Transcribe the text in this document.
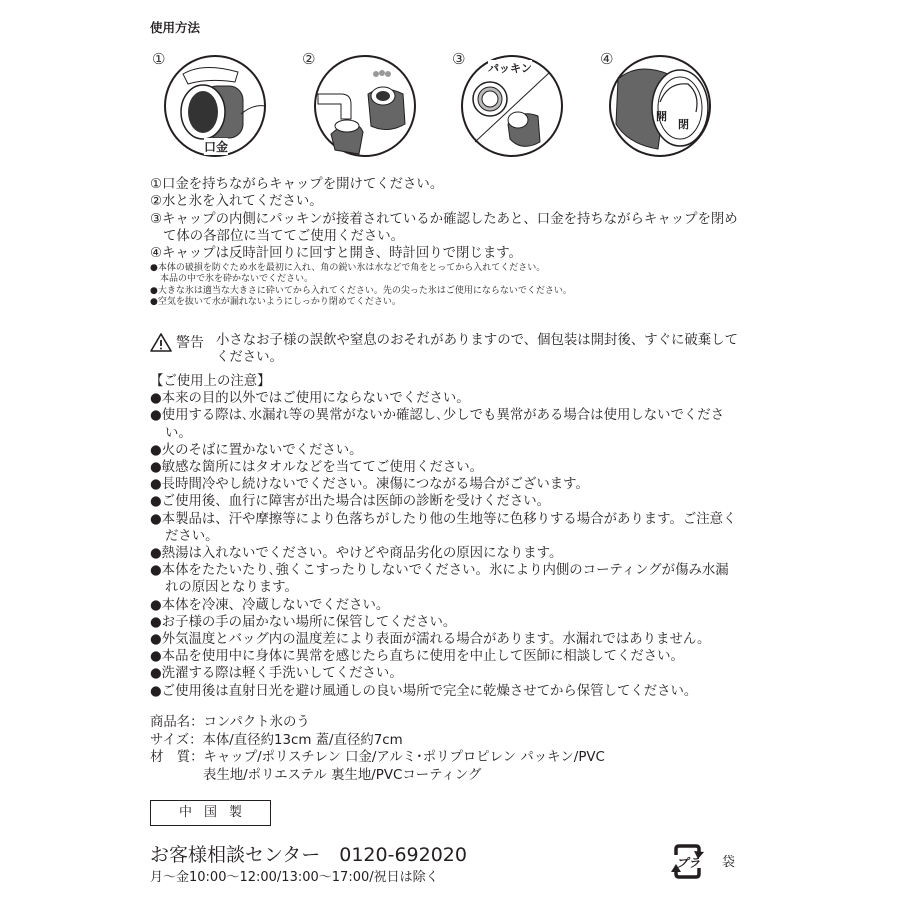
使用方法
①	②	③	④
口金
パッキン
開
閉
①口金を持ちながらキャップを開けてください。
②水と氷を入れてください。
③キャップの内側にパッキンが接着されているか確認したあと、口金を持ちながらキャップを閉め
て体の各部位に当ててご使用ください。
④キャップは反時計回りに回すと開き、時計回りで閉じます。
●本体の破損を防ぐため水を最初に入れ、角の鋭い氷は水などで角をとってから入れてください。
本品の中で氷を砕かないでください。
●大きな氷は適当な大きさに砕いてから入れてください。先の尖った氷はご使用にならないでください。
●空気を抜いて水が漏れないようにしっかり閉めてください。
警告 小さなお子様の誤飲や窒息のおそれがありますので、個包装は開封後、すぐに破棄して
ください。
【ご使用上の注意】
●本来の目的以外ではご使用にならないでください。
●使用する際は､水漏れ等の異常がないか確認し､少しでも異常がある場合は使用しないでくださ
い。
●火のそばに置かないでください。
●敏感な箇所にはタオルなどを当ててご使用ください。
●長時間冷やし続けないでください。凍傷につながる場合がございます。
●ご使用後、血行に障害が出た場合は医師の診断を受けください。
●本製品は、汗や摩擦等により色落ちがしたり他の生地等に色移りする場合があります。ご注意く
ださい。
●熱湯は入れないでください。やけどや商品劣化の原因になります。
●本体をたたいたり､強くこすったりしないでください。氷により内側のコーティングが傷み水漏
れの原因となります。
●本体を冷凍、冷蔵しないでください。
●お子様の手の届かない場所に保管してください。
●外気温度とバッグ内の温度差により表面が濡れる場合があります。水漏れではありません。
●本品を使用中に身体に異常を感じたら直ちに使用を中止して医師に相談してください。
●洗濯する際は軽く手洗いしてください。
●ご使用後は直射日光を避け風通しの良い場所で完全に乾燥させてから保管してください。
商品名：コンパクト氷のう
サイズ：本体/直径約13cm 蓋/直径約7cm
材　質：キャップ/ポリスチレン 口金/アルミ･ポリプロピレン パッキン/PVC
表生地/ポリエステル 裏生地/PVCコーティング
中国製
お客様相談センター　0120-692020
月～金10:00～12:00/13:00～17:00/祝日は除く
プラ 袋
